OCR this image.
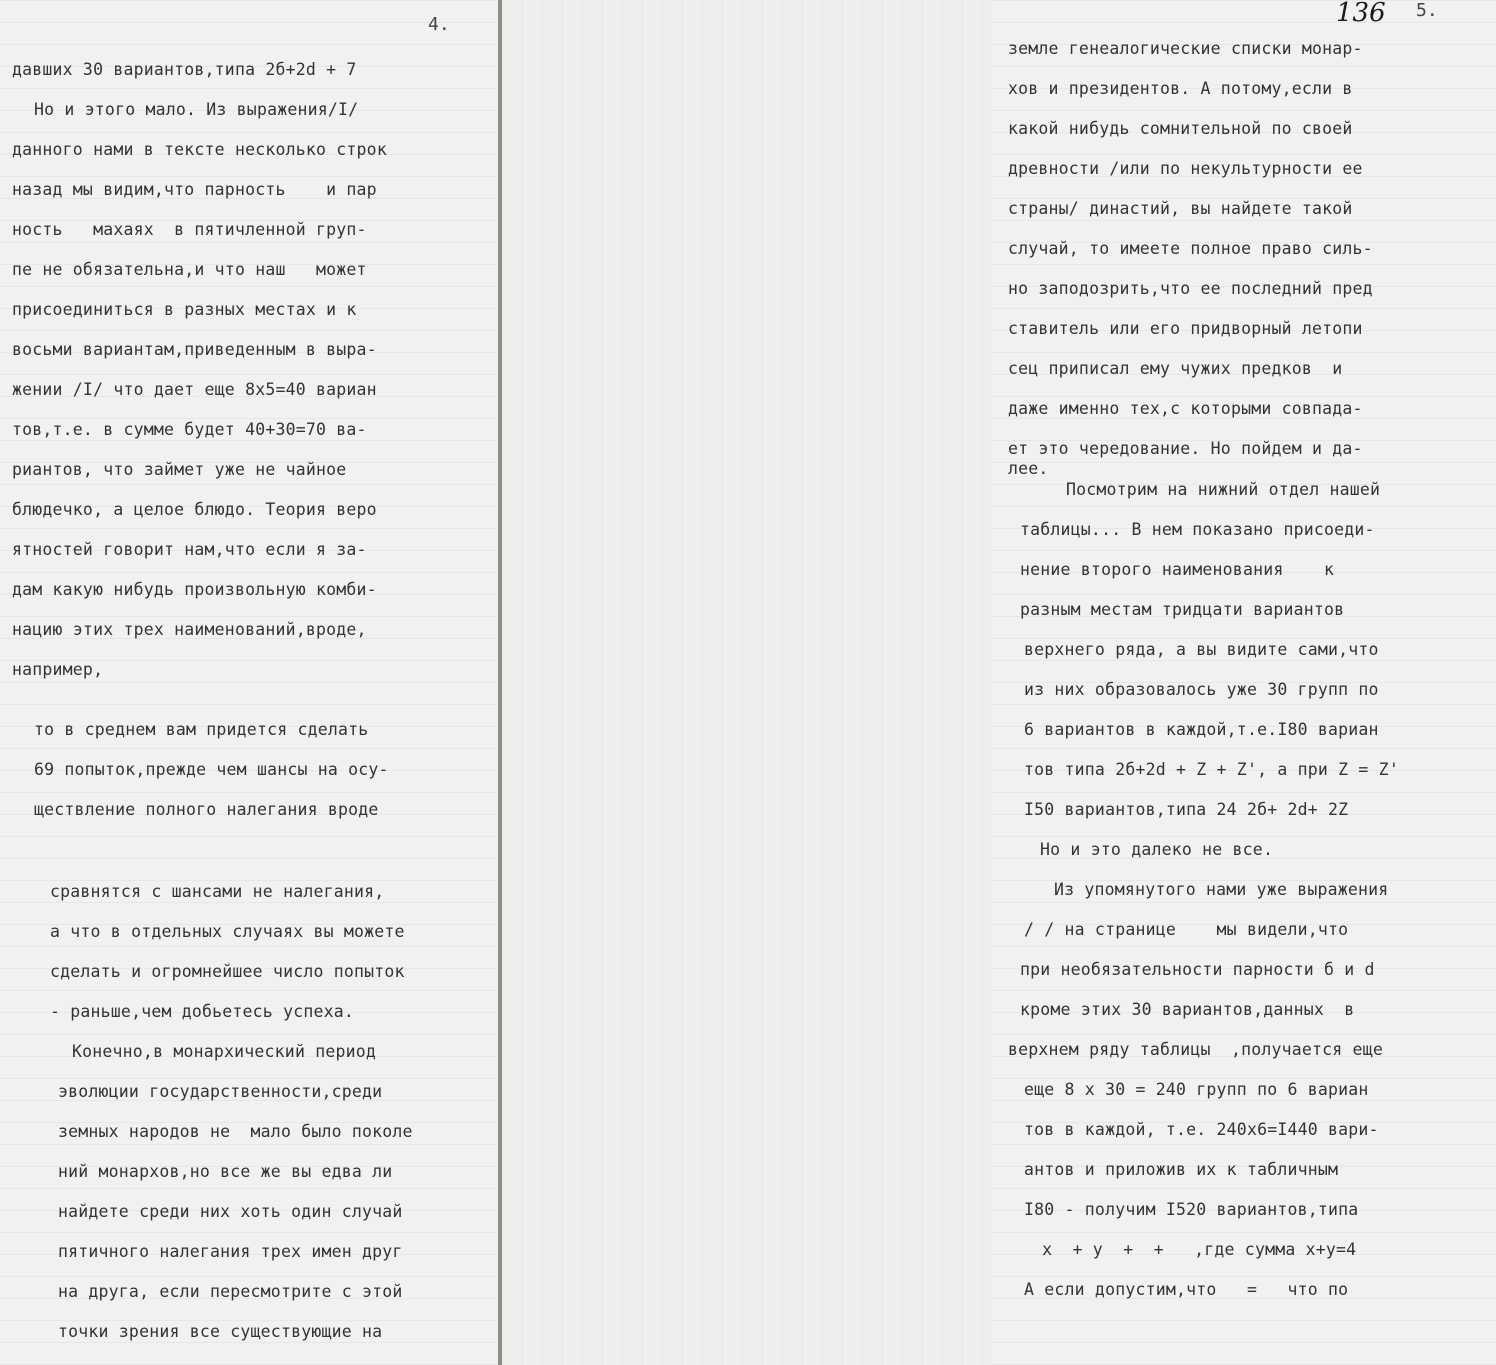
4.
давших 30 вариантов,типа 2б+2d + 7
Но и этого мало. Из выражения/I/
данного нами в тексте несколько строк
назад мы видим,что парность    и пар
ность   махаях  в пятичленной груп-
пе не обязательна,и что наш   может
присоединиться в разных местах и к
восьми вариантам,приведенным в выра-
жении /I/ что дает еще 8х5=40 вариан
тов,т.е. в сумме будет 40+30=70 ва-
риантов, что займет уже не чайное
блюдечко, а целое блюдо. Теория веро
ятностей говорит нам,что если я за-
дам какую нибудь произвольную комби-
нацию этих трех наименований,вроде,
например,
то в среднем вам придется сделать
69 попыток,прежде чем шансы на осу-
ществление полного налегания вроде
сравнятся с шансами не налегания,
а что в отдельных случаях вы можете
сделать и огромнейшее число попыток
- раньше,чем добьетесь успеха.
Конечно,в монархический период
эволюции государственности,среди
земных народов не  мало было поколе
ний монархов,но все же вы едва ли
найдете среди них хоть один случай
пятичного налегания трех имен друг
на друга, если пересмотрите с этой
точки зрения все существующие на
136 5.
земле генеалогические списки монар-
хов и президентов. А потому,если в
какой нибудь сомнительной по своей
древности /или по некультурности ее
страны/ династий, вы найдете такой
случай, то имеете полное право силь-
но заподозрить,что ее последний пред
ставитель или его придворный летопи
сец приписал ему чужих предков  и
даже именно тех,с которыми совпада-
ет это чередование. Но пойдем и да-
лее.
Посмотрим на нижний отдел нашей
таблицы... В нем показано присоеди-
нение второго наименования    к
разным местам тридцати вариантов
верхнего ряда, а вы видите сами,что
из них образовалось уже 30 групп по
6 вариантов в каждой,т.е.I80 вариан
тов типа 2б+2d + Z + Z', а при Z = Z'
I50 вариантов,типа 24 2б+ 2d+ 2Z
Но и это далеко не все.
Из упомянутого нами уже выражения
/ / на странице    мы видели,что
при необязательности парности б и d
кроме этих 30 вариантов,данных  в
верхнем ряду таблицы  ,получается еще
еще 8 х 30 = 240 групп по 6 вариан
тов в каждой, т.е. 240х6=I440 вари-
антов и приложив их к табличным
I80 - получим I520 вариантов,типа
х  + у  +  +   ,где сумма х+у=4
А если допустим,что   =   что по
